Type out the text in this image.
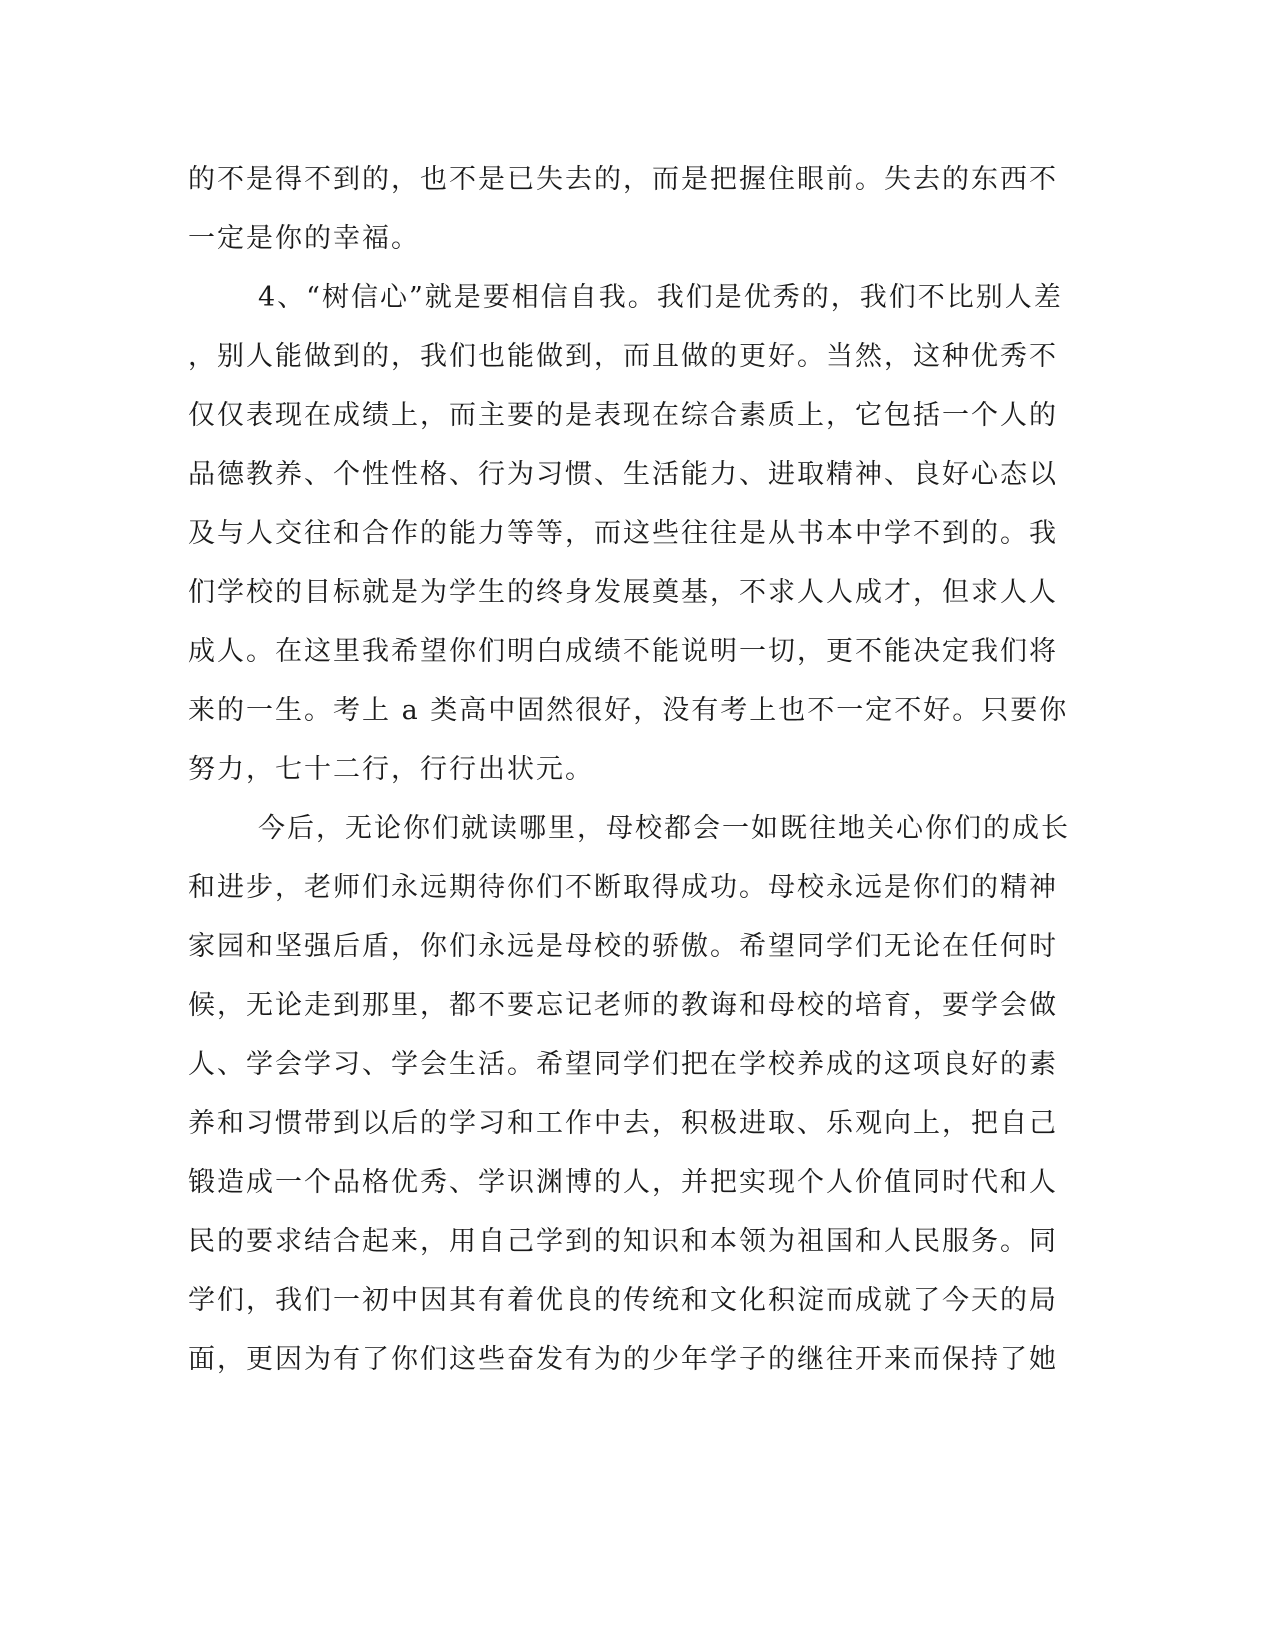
的不是得不到的，也不是已失去的，而是把握住眼前。失去的东西不
一定是你的幸福。
4、“树信心”就是要相信自我。我们是优秀的，我们不比别人差
，别人能做到的，我们也能做到，而且做的更好。当然，这种优秀不
仅仅表现在成绩上，而主要的是表现在综合素质上，它包括一个人的
品德教养、个性性格、行为习惯、生活能力、进取精神、良好心态以
及与人交往和合作的能力等等，而这些往往是从书本中学不到的。我
们学校的目标就是为学生的终身发展奠基，不求人人成才，但求人人
成人。在这里我希望你们明白成绩不能说明一切，更不能决定我们将
来的一生。考上 a 类高中固然很好，没有考上也不一定不好。只要你
努力，七十二行，行行出状元。
今后，无论你们就读哪里，母校都会一如既往地关心你们的成长
和进步，老师们永远期待你们不断取得成功。母校永远是你们的精神
家园和坚强后盾，你们永远是母校的骄傲。希望同学们无论在任何时
候，无论走到那里，都不要忘记老师的教诲和母校的培育，要学会做
人、学会学习、学会生活。希望同学们把在学校养成的这项良好的素
养和习惯带到以后的学习和工作中去，积极进取、乐观向上，把自己
锻造成一个品格优秀、学识渊博的人，并把实现个人价值同时代和人
民的要求结合起来，用自己学到的知识和本领为祖国和人民服务。同
学们，我们一初中因其有着优良的传统和文化积淀而成就了今天的局
面，更因为有了你们这些奋发有为的少年学子的继往开来而保持了她
